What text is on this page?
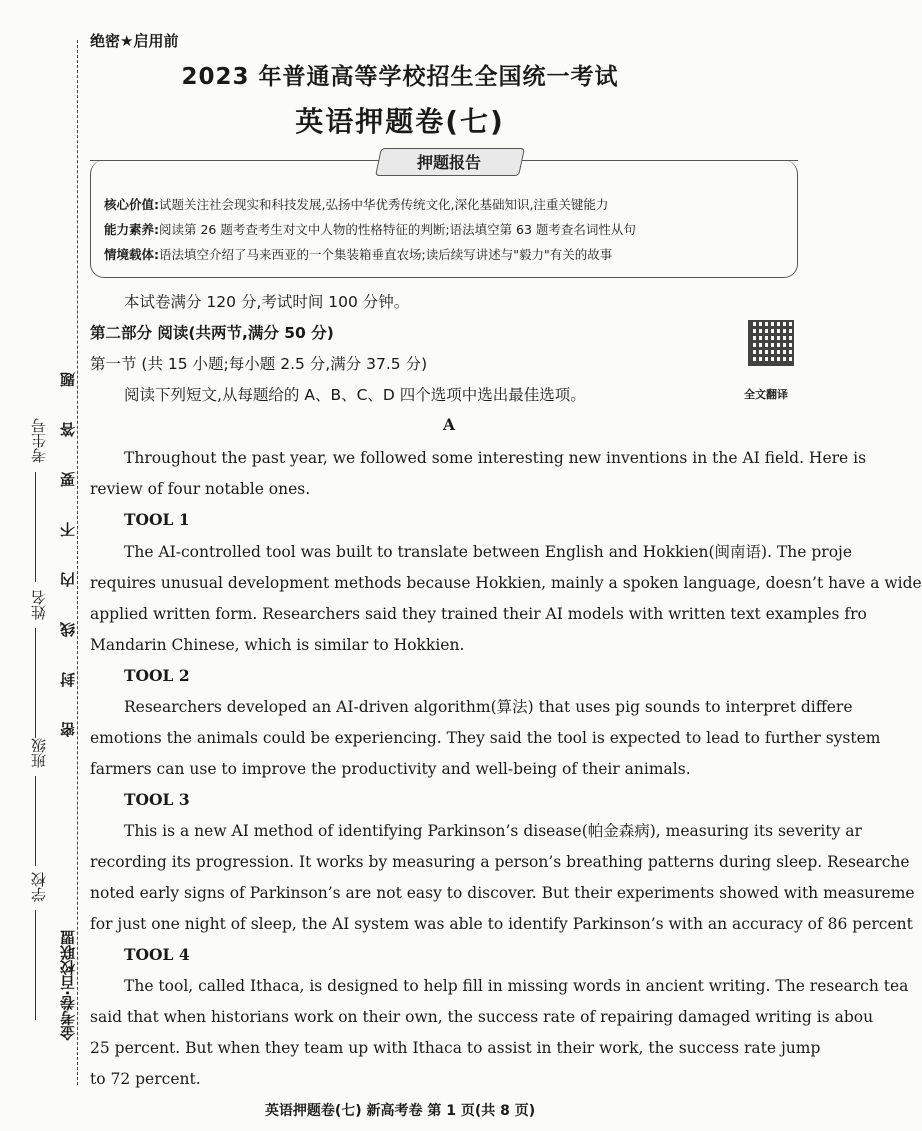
题
答
要
不
内
线
封
密
考生号
姓名
班级
学校
金考卷·百校联盟
绝密★启用前
2023 年普通高等学校招生全国统一考试
英语押题卷(七)
押题报告
核心价值:试题关注社会现实和科技发展,弘扬中华优秀传统文化,深化基础知识,注重关键能力
能力素养:阅读第 26 题考查考生对文中人物的性格特征的判断;语法填空第 63 题考查名词性从句
情境载体:语法填空介绍了马来西亚的一个集装箱垂直农场;读后续写讲述与"毅力"有关的故事
本试卷满分 120 分,考试时间 100 分钟。
第二部分 阅读(共两节,满分 50 分)
第一节 (共 15 小题;每小题 2.5 分,满分 37.5 分)
阅读下列短文,从每题给的 A、B、C、D 四个选项中选出最佳选项。	全文翻译
A
Throughout the past year, we followed some interesting new inventions in the AI field. Here is
review of four notable ones.
TOOL 1
The AI-controlled tool was built to translate between English and Hokkien(闽南语). The proje
requires unusual development methods because Hokkien, mainly a spoken language, doesn’t have a wide
applied written form. Researchers said they trained their AI models with written text examples fro
Mandarin Chinese, which is similar to Hokkien.
TOOL 2
Researchers developed an AI-driven algorithm(算法) that uses pig sounds to interpret differe
emotions the animals could be experiencing. They said the tool is expected to lead to further system
farmers can use to improve the productivity and well-being of their animals.
TOOL 3
This is a new AI method of identifying Parkinson’s disease(帕金森病), measuring its severity ar
recording its progression. It works by measuring a person’s breathing patterns during sleep. Researche
noted early signs of Parkinson’s are not easy to discover. But their experiments showed with measureme
for just one night of sleep, the AI system was able to identify Parkinson’s with an accuracy of 86 percent
TOOL 4
The tool, called Ithaca, is designed to help fill in missing words in ancient writing. The research tea
said that when historians work on their own, the success rate of repairing damaged writing is abou
25 percent. But when they team up with Ithaca to assist in their work, the success rate jump
to 72 percent.
英语押题卷(七) 新高考卷 第 1 页(共 8 页)
